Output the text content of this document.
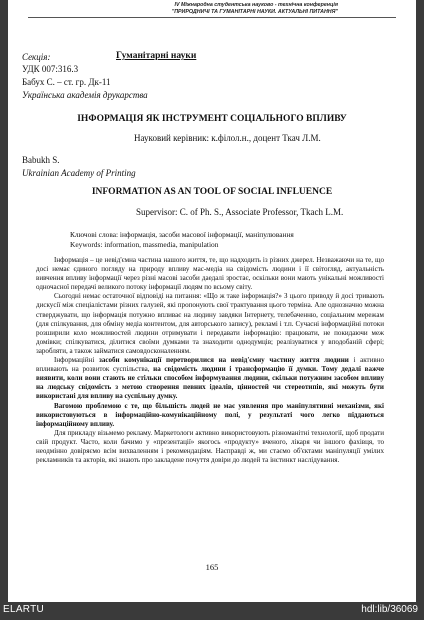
IV Міжнародна студентська науково - технічна конференція
"ПРИРОДНИЧІ ТА ГУМАНІТАРНІ НАУКИ. АКТУАЛЬНІ ПИТАННЯ"
Секція:	Гуманітарні науки
УДК 007:316.3
Бабух С. – ст. гр. Дк-11
Українська академія друкарства
ІНФОРМАЦІЯ ЯК ІНСТРУМЕНТ СОЦІАЛЬНОГО ВПЛИВУ
Науковий керівник: к.філол.н., доцент Ткач Л.М.
Babukh S.
Ukrainian Academy of Printing
INFORMATION AS AN TOOL OF SOCIAL INFLUENCE
Supervisor: C. of Ph. S., Associate Professor, Tkach L.M.
Ключові слова: інформація, засоби масової інформації, маніпулювання
Keywords: information, massmedia, manipulation

Інформація – це невід'ємна частина нашого життя, те, що надходить із різних джерел. Незважаючи на те, що досі немає єдиного погляду на природу впливу мас-медіа на свідомість людини і її світогляд, актуальність вивчення впливу інформації через різні масові засоби даедалі зростає, оскільки вони мають унікальні можливості одночасної передачі великого потоку інформації людям по всьому світу.

Сьогодні немає остаточної відповіді на питання: «Що ж таке інформація?» З цього приводу й досі тривають дискусії між спеціалістами різних галузей, які пропонують свої трактування цього терміна. Але однозначно можна стверджувати, що інформація потужно впливає на людину завдяки Інтернету, телебаченню, соціальним мережам (для спілкування, для обміну медіа контентом, для авторського запису), рекламі і т.п. Сучасні інформаційні потоки розширили коло можливостей людини отримувати і передавати інформацію: працювати, не покидаючи меж домівки; спілкуватися, ділитися своїми думками та знаходити однодумців; реалізуватися у вподобаній сфері; заробляти, а також займатися самовдосконаленням.

Інформаційні засоби комунікації перетворилися на невід'ємну частину життя людини і активно впливають на розвиток суспільства, на свідомість людини і трансформацію її думки. Тому дедалі важче виявити, коли вони стають не стільки способом інформування людини, скільки потужним засобом впливу на людську свідомість з метою створення певних ідеалів, цінностей чи стереотипів, які можуть бути використані для впливу на суспільну думку.

Вагомою проблемою є те, що більшість людей не має уявлення про маніпулятивні механізми, які використовуються в інформаційно-комунікаційному полі, у результаті чого легко піддаються інформаційному впливу.

Для прикладу візьмемо рекламу. Маркетологи активно використовують різноманітні технології, щоб продати свій продукт. Часто, коли бачимо у «презентації» якогось «продукту» вченого, лікаря чи іншого фахівця, то неодмінно довіряємо всім вихваленням і рекомендаціям. Насправді ж, ми стаємо об'єктами маніпуляції умілих рекламників та акторів, які знають про закладене почуття довіри до людей та інстинкт наслідування.

165
ELARTU	hdl:lib/36069
